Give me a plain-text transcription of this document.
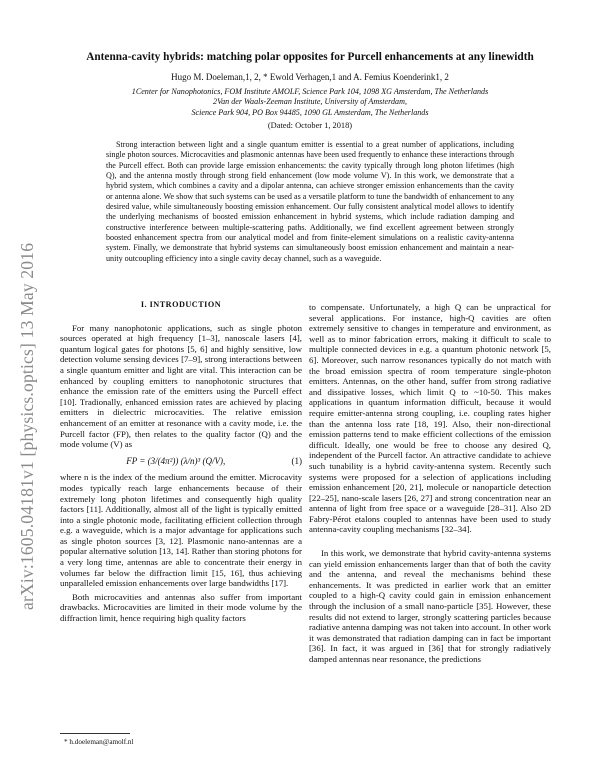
arXiv:1605.04181v1 [physics.optics] 13 May 2016
Antenna-cavity hybrids: matching polar opposites for Purcell enhancements at any linewidth
Hugo M. Doeleman,1, 2, * Ewold Verhagen,1 and A. Femius Koenderink1, 2
1Center for Nanophotonics, FOM Institute AMOLF, Science Park 104, 1098 XG Amsterdam, The Netherlands
2Van der Waals-Zeeman Institute, University of Amsterdam,
Science Park 904, PO Box 94485, 1090 GL Amsterdam, The Netherlands
(Dated: October 1, 2018)

Strong interaction between light and a single quantum emitter is essential to a great number of applications, including single photon sources. Microcavities and plasmonic antennas have been used frequently to enhance these interactions through the Purcell effect. Both can provide large emission enhancements: the cavity typically through long photon lifetimes (high Q), and the antenna mostly through strong field enhancement (low mode volume V). In this work, we demonstrate that a hybrid system, which combines a cavity and a dipolar antenna, can achieve stronger emission enhancements than the cavity or antenna alone. We show that such systems can be used as a versatile platform to tune the bandwidth of enhancement to any desired value, while simultaneously boosting emission enhancement. Our fully consistent analytical model allows to identify the underlying mechanisms of boosted emission enhancement in hybrid systems, which include radiation damping and constructive interference between multiple-scattering paths. Additionally, we find excellent agreement between strongly boosted enhancement spectra from our analytical model and from finite-element simulations on a realistic cavity-antenna system. Finally, we demonstrate that hybrid systems can simultaneously boost emission enhancement and maintain a near-unity outcoupling efficiency into a single cavity decay channel, such as a waveguide.

I. INTRODUCTION

For many nanophotonic applications, such as single photon sources operated at high frequency [1–3], nanoscale lasers [4], quantum logical gates for photons [5, 6] and highly sensitive, low detection volume sensing devices [7–9], strong interactions between a single quantum emitter and light are vital. This interaction can be enhanced by coupling emitters to nanophotonic structures that enhance the emission rate of the emitters using the Purcell effect [10]. Tradionally, enhanced emission rates are achieved by placing emitters in dielectric microcavities. The relative emission enhancement of an emitter at resonance with a cavity mode, i.e. the Purcell factor (FP), then relates to the quality factor (Q) and the mode volume (V) as

FP = (3/(4π²)) (λ/n)³ (Q/V),	(1)

where n is the index of the medium around the emitter. Microcavity modes typically reach large enhancements because of their extremely long photon lifetimes and consequently high quality factors [11]. Additionally, almost all of the light is typically emitted into a single photonic mode, facilitating efficient collection through e.g. a waveguide, which is a major advantage for applications such as single photon sources [3, 12]. Plasmonic nano-antennas are a popular alternative solution [13, 14]. Rather than storing photons for a very long time, antennas are able to concentrate their energy in volumes far below the diffraction limit [15, 16], thus achieving unparalleled emission enhancements over large bandwidths [17].

Both microcavities and antennas also suffer from important drawbacks. Microcavities are limited in their mode volume by the diffraction limit, hence requiring high quality factors

to compensate. Unfortunately, a high Q can be unpractical for several applications. For instance, high-Q cavities are often extremely sensitive to changes in temperature and environment, as well as to minor fabrication errors, making it difficult to scale to multiple connected devices in e.g. a quantum photonic network [5, 6]. Moreover, such narrow resonances typically do not match with the broad emission spectra of room temperature single-photon emitters. Antennas, on the other hand, suffer from strong radiative and dissipative losses, which limit Q to ~10-50. This makes applications in quantum information difficult, because it would require emitter-antenna strong coupling, i.e. coupling rates higher than the antenna loss rate [18, 19]. Also, their non-directional emission patterns tend to make efficient collections of the emission difficult. Ideally, one would be free to choose any desired Q, independent of the Purcell factor. An attractive candidate to achieve such tunability is a hybrid cavity-antenna system. Recently such systems were proposed for a selection of applications including emission enhancement [20, 21], molecule or nanoparticle detection [22–25], nano-scale lasers [26, 27] and strong concentration near an antenna of light from free space or a waveguide [28–31]. Also 2D Fabry-Pérot etalons coupled to antennas have been used to study antenna-cavity coupling mechanisms [32–34].

In this work, we demonstrate that hybrid cavity-antenna systems can yield emission enhancements larger than that of both the cavity and the antenna, and reveal the mechanisms behind these enhancements. It was predicted in earlier work that an emitter coupled to a high-Q cavity could gain in emission enhancement through the inclusion of a small nano-particle [35]. However, these results did not extend to larger, strongly scattering particles because radiative antenna damping was not taken into account. In other work it was demonstrated that radiation damping can in fact be important [36]. In fact, it was argued in [36] that for strongly radiatively damped antennas near resonance, the predictions

* h.doeleman@amolf.nl
